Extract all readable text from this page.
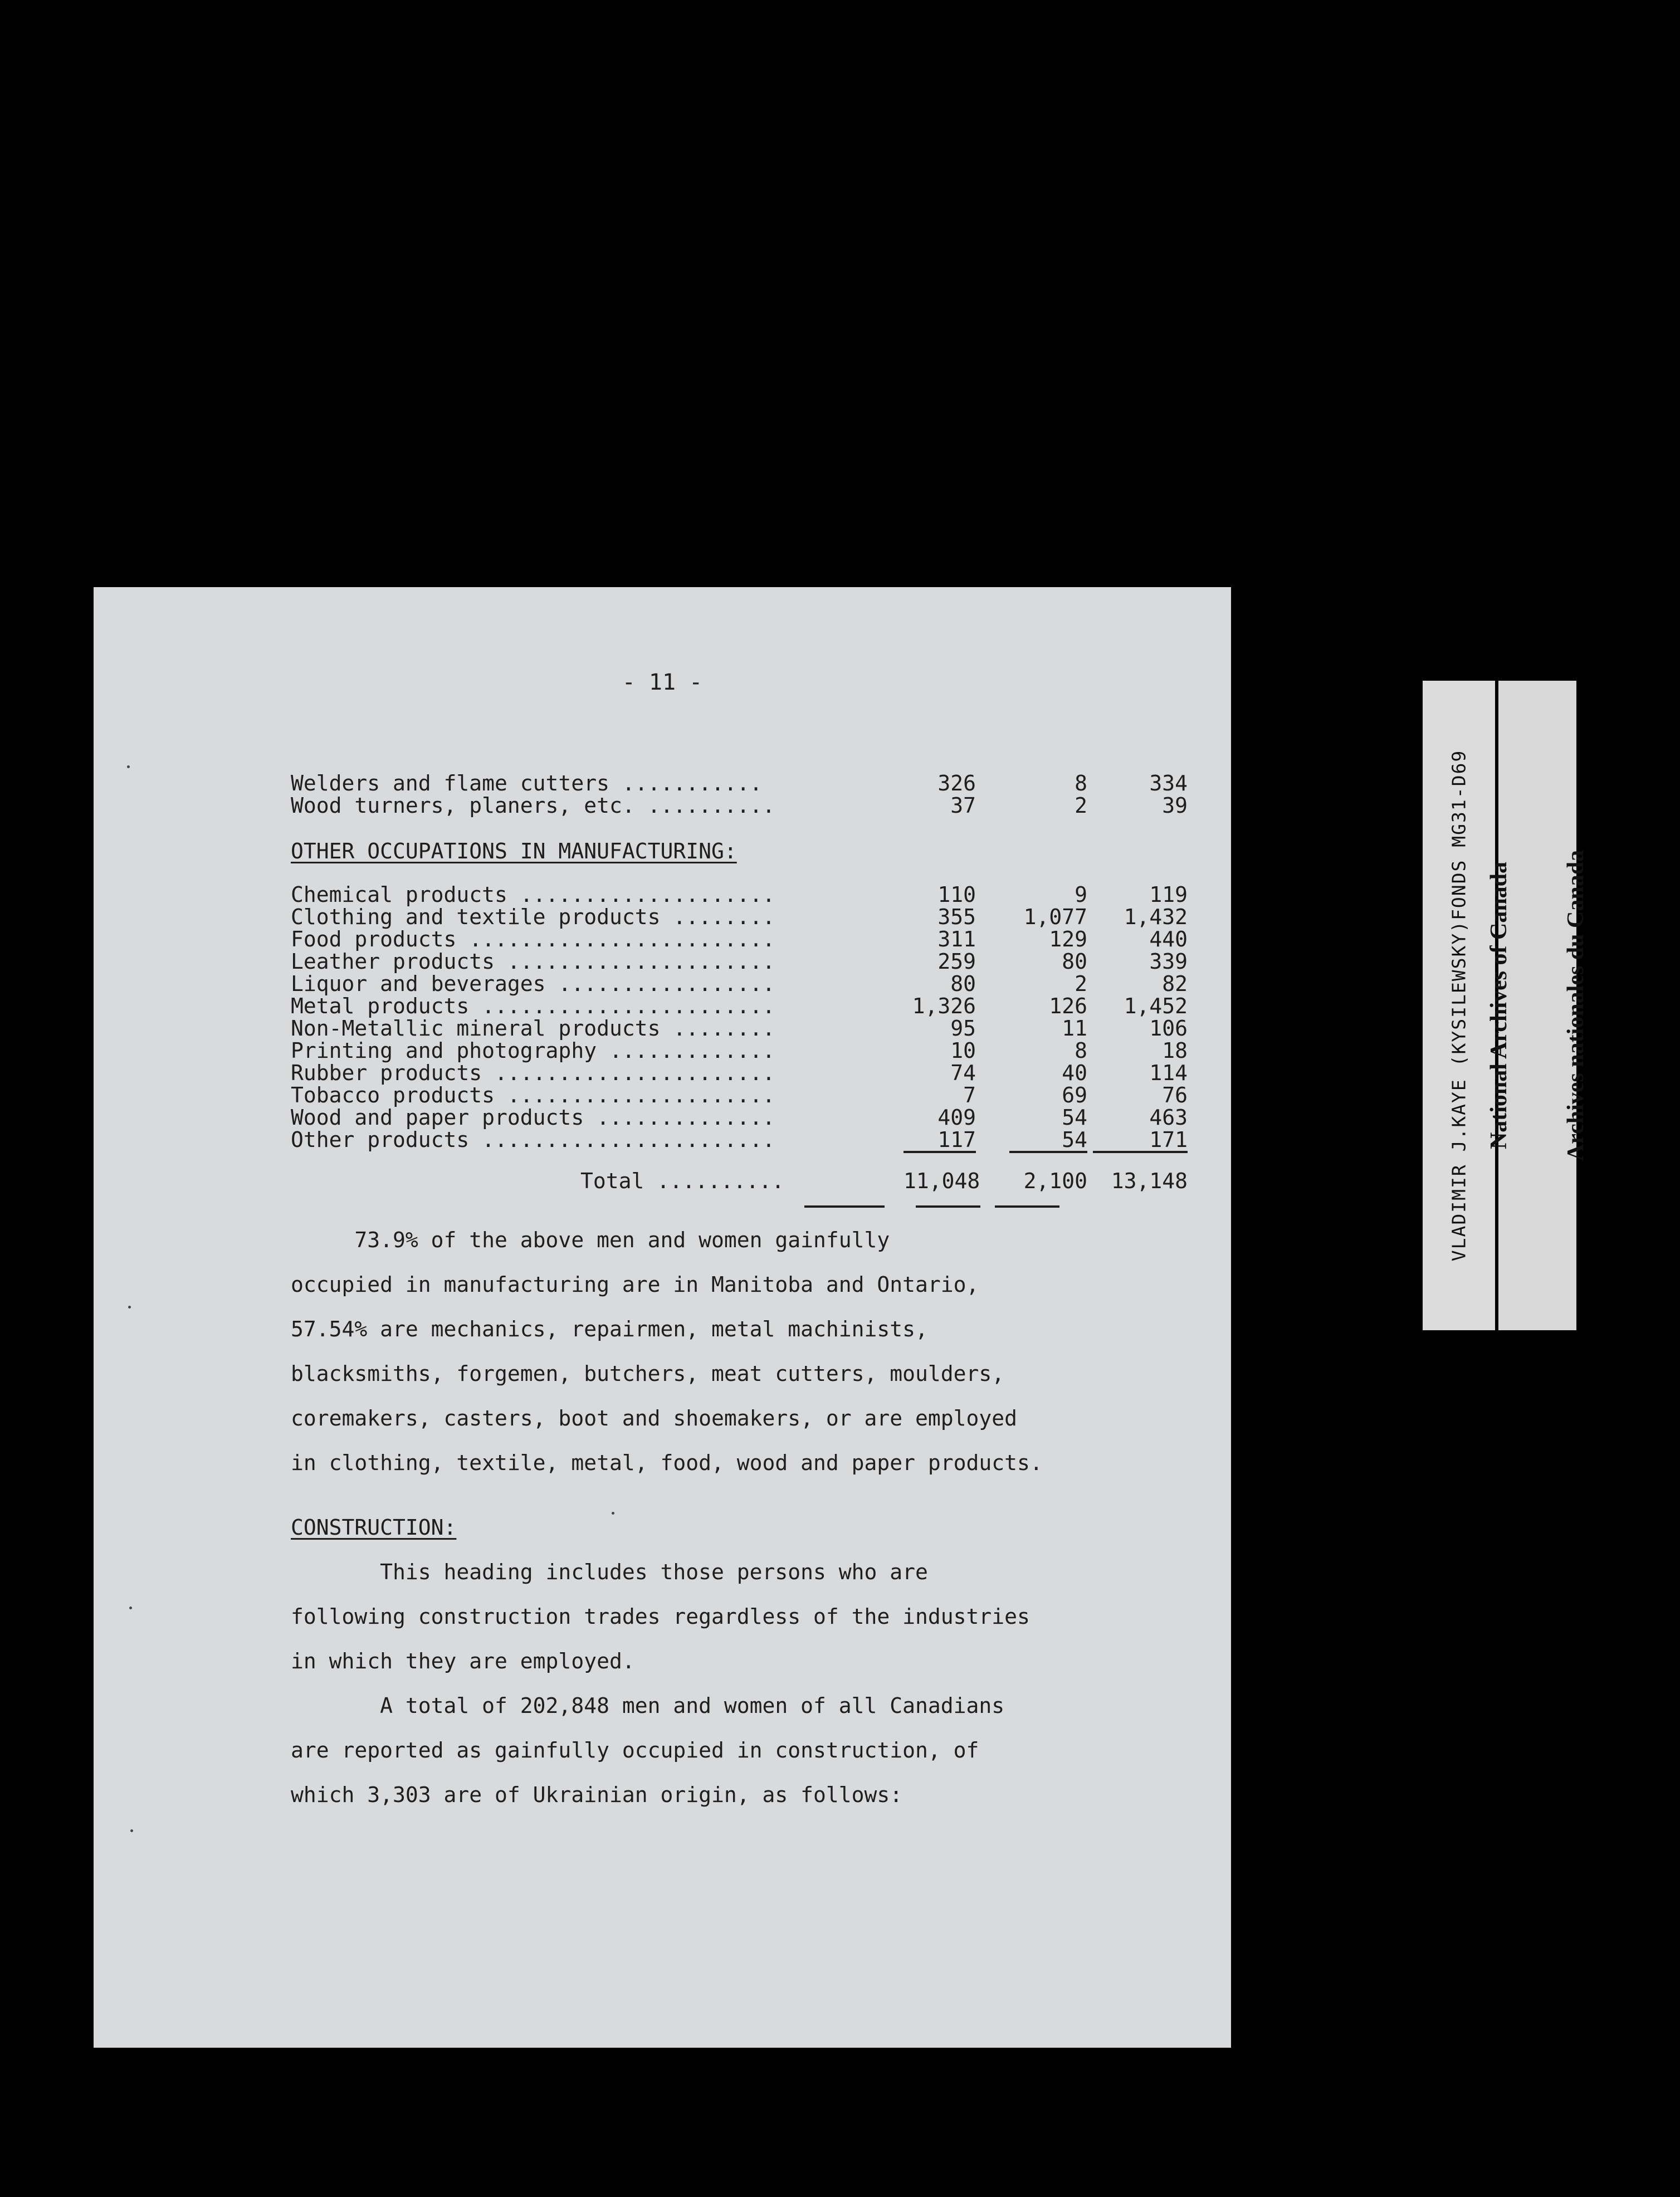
- 11 -
Welders and flame cutters ...........	326	8	334
Wood turners, planers, etc. ..........	37	2	39
OTHER OCCUPATIONS IN MANUFACTURING:
Chemical products ....................	110	9	119
Clothing and textile products ........	355	1,077	1,432
Food products ........................	311	129	440
Leather products .....................	259	80	339
Liquor and beverages .................	80	2	82
Metal products .......................	1,326	126	1,452
Non-Metallic mineral products ........	95	11	106
Printing and photography .............	10	8	18
Rubber products ......................	74	40	114
Tobacco products .....................	7	69	76
Wood and paper products ..............	409	54	463
Other products .......................	117	54	171
Total ..........	11,048	2,100	13,148
73.9% of the above men and women gainfully
occupied in manufacturing are in Manitoba and Ontario,
57.54% are mechanics, repairmen, metal machinists,
blacksmiths, forgemen, butchers, meat cutters, moulders,
coremakers, casters, boot and shoemakers, or are employed
in clothing, textile, metal, food, wood and paper products.
CONSTRUCTION:
This heading includes those persons who are
following construction trades regardless of the industries
in which they are employed.
A total of 202,848 men and women of all Canadians
are reported as gainfully occupied in construction, of
which 3,303 are of Ukrainian origin, as follows:
VLADIMIR J.KAYE (KYSILEWSKY)FONDS MG31-D69

National Archives of Canada

Archives nationales du Canada
